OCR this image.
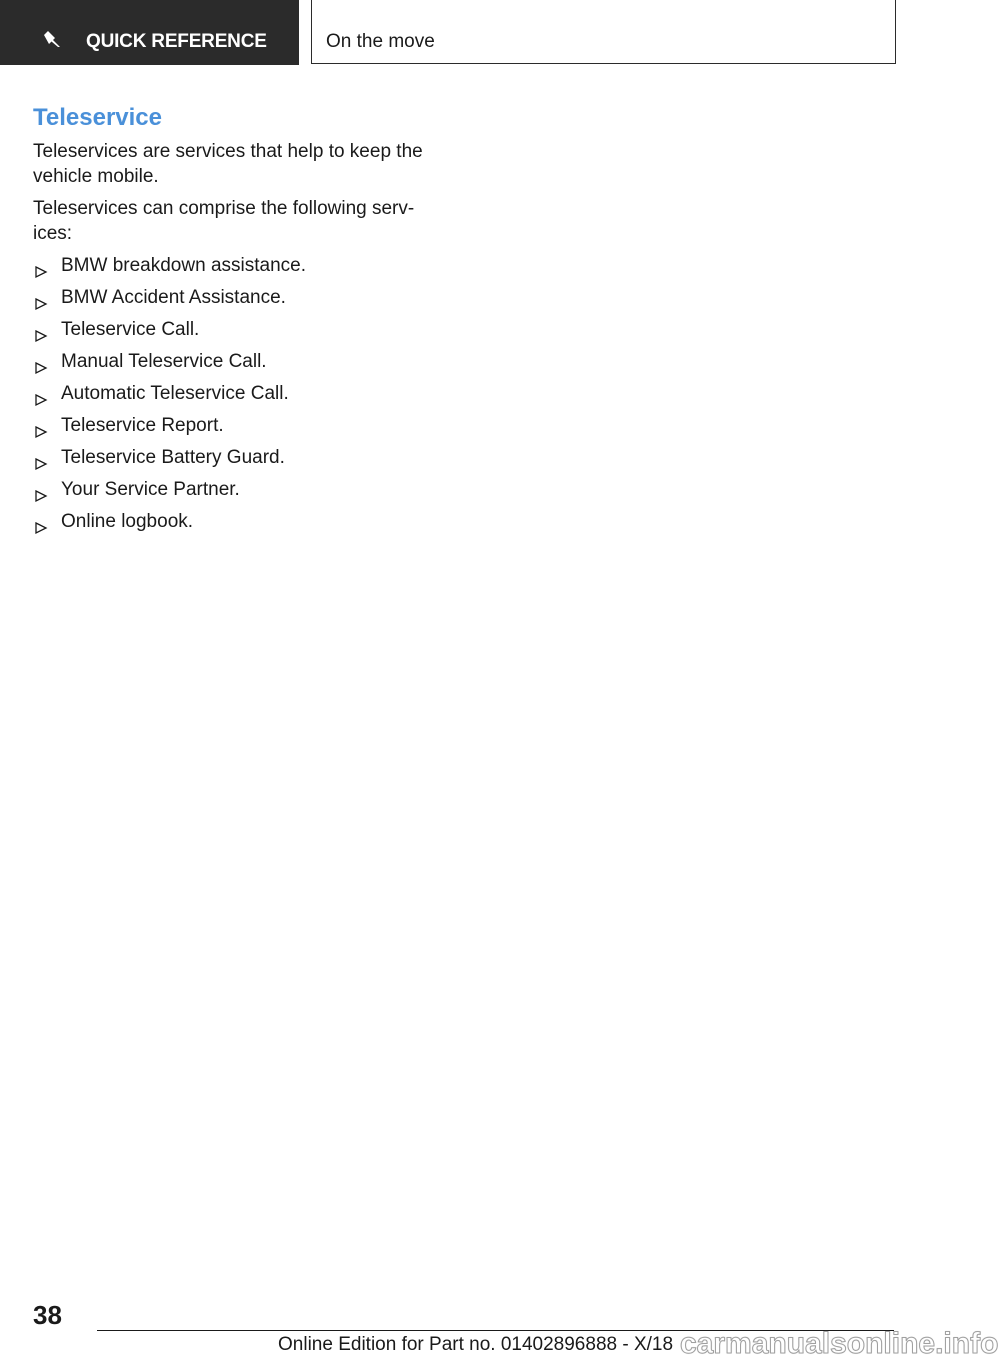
QUICK REFERENCE	On the move
Teleservice

Teleservices are services that help to keep the vehicle mobile.

Teleservices can comprise the following serv‐ ices:

BMW breakdown assistance.
BMW Accident Assistance.
Teleservice Call.
Manual Teleservice Call.
Automatic Teleservice Call.
Teleservice Report.
Teleservice Battery Guard.
Your Service Partner.
Online logbook.
38
Online Edition for Part no. 01402896888 - X/18 carmanualsonline.info
